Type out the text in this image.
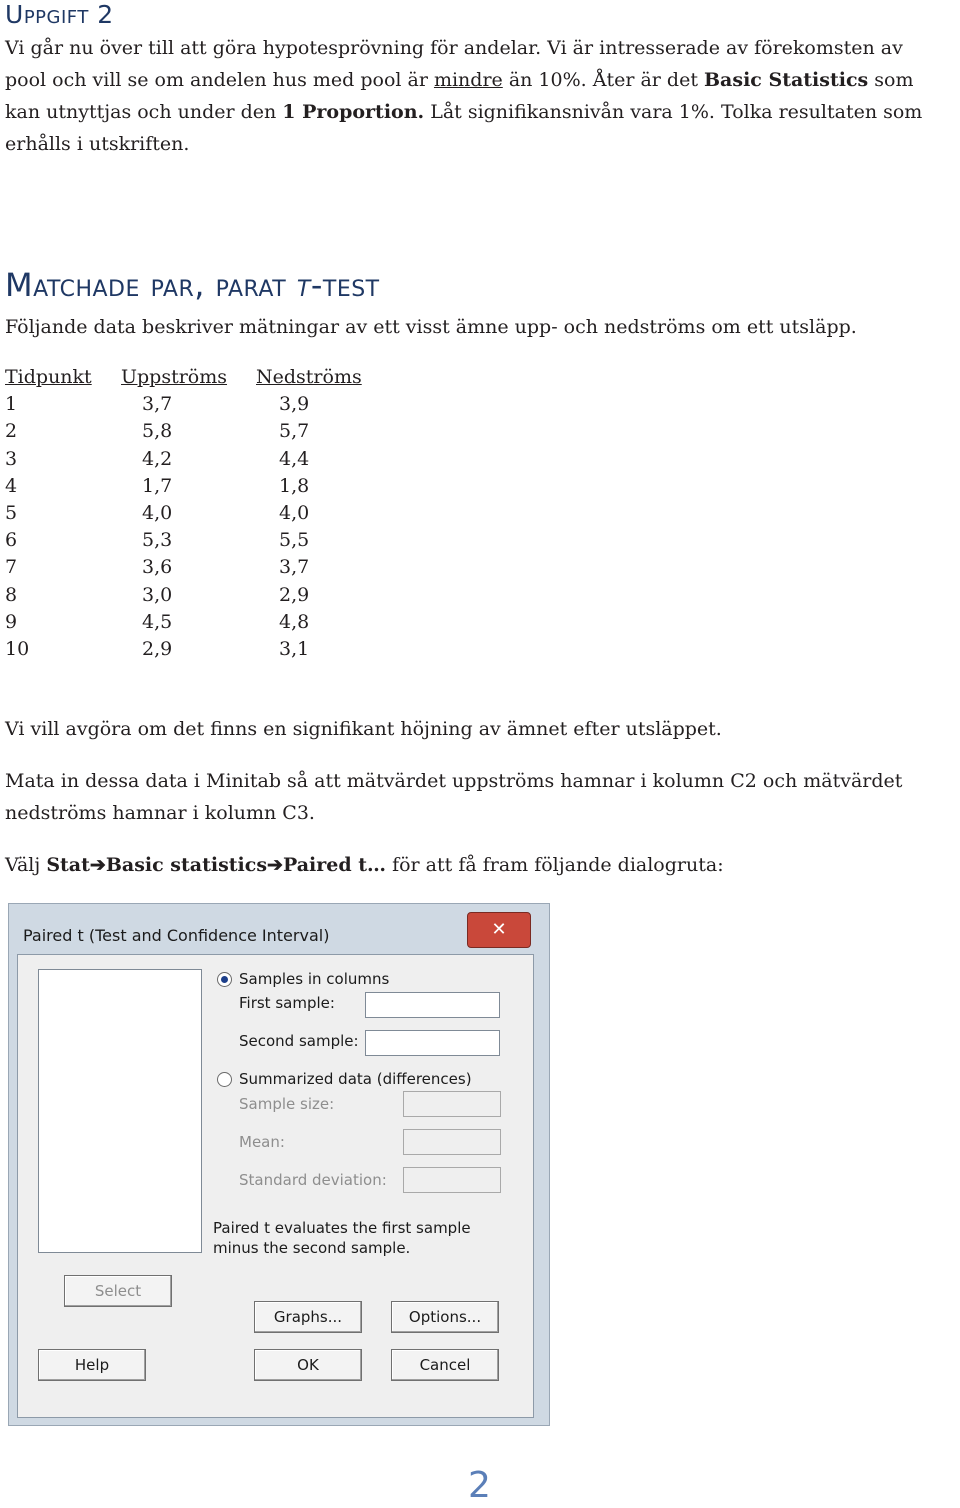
Uppgift 2

Vi går nu över till att göra hypotesprövning för andelar. Vi är intresserade av förekomsten av

pool och vill se om andelen hus med pool är mindre än 10%. Åter är det Basic Statistics som

kan utnyttjas och under den 1 Proportion. Låt signifikansnivån vara 1%. Tolka resultaten som

erhålls i utskriften.

Matchade par, parat t-test

Följande data beskriver mätningar av ett visst ämne upp- och nedströms om ett utsläpp.

Tidpunkt Uppströms Nedströms
1	3,7	3,9
2	5,8	5,7
3	4,2	4,4
4	1,7	1,8
5	4,0	4,0
6	5,3	5,5
7	3,6	3,7
8	3,0	2,9
9	4,5	4,8
10	2,9	3,1

Vi vill avgöra om det finns en signifikant höjning av ämnet efter utsläppet.

Mata in dessa data i Minitab så att mätvärdet uppströms hamnar i kolumn C2 och mätvärdet

nedströms hamnar i kolumn C3.

Välj Stat➔Basic statistics➔Paired t… för att få fram följande dialogruta:

Paired t (Test and Confidence Interval)	✕
Samples in columns
First sample:
Second sample:
Summarized data (differences)
Sample size:
Mean:
Standard deviation:
Paired t evaluates the first sample
minus the second sample.
Select
Graphs...	Options...
Help	OK	Cancel
2
